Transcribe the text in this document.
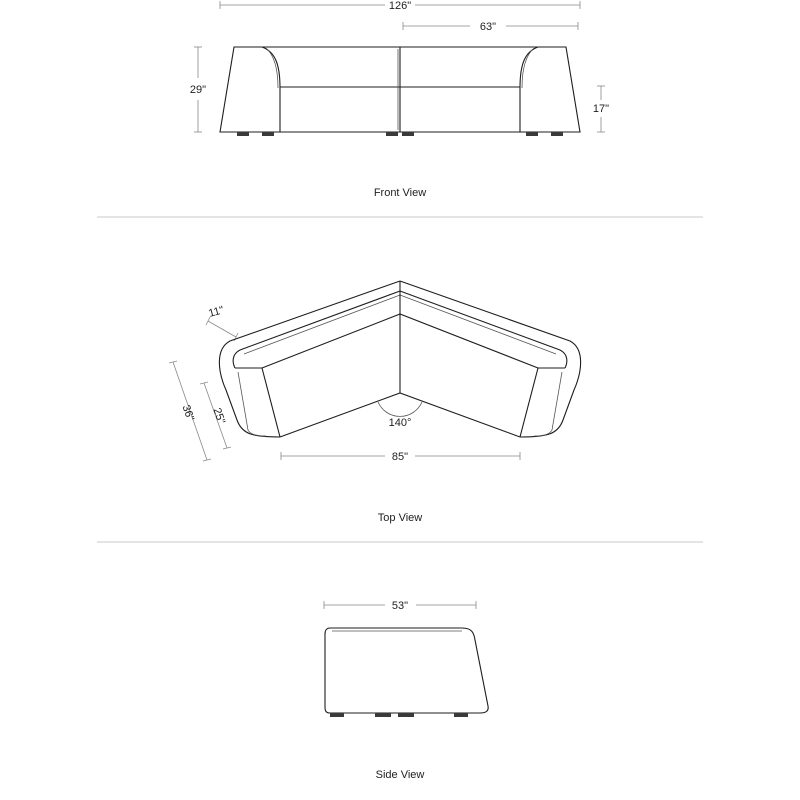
126"
63"
29"
17"
Front View
11"
36" 25"
85"
140°
Top View
53"
Side View
